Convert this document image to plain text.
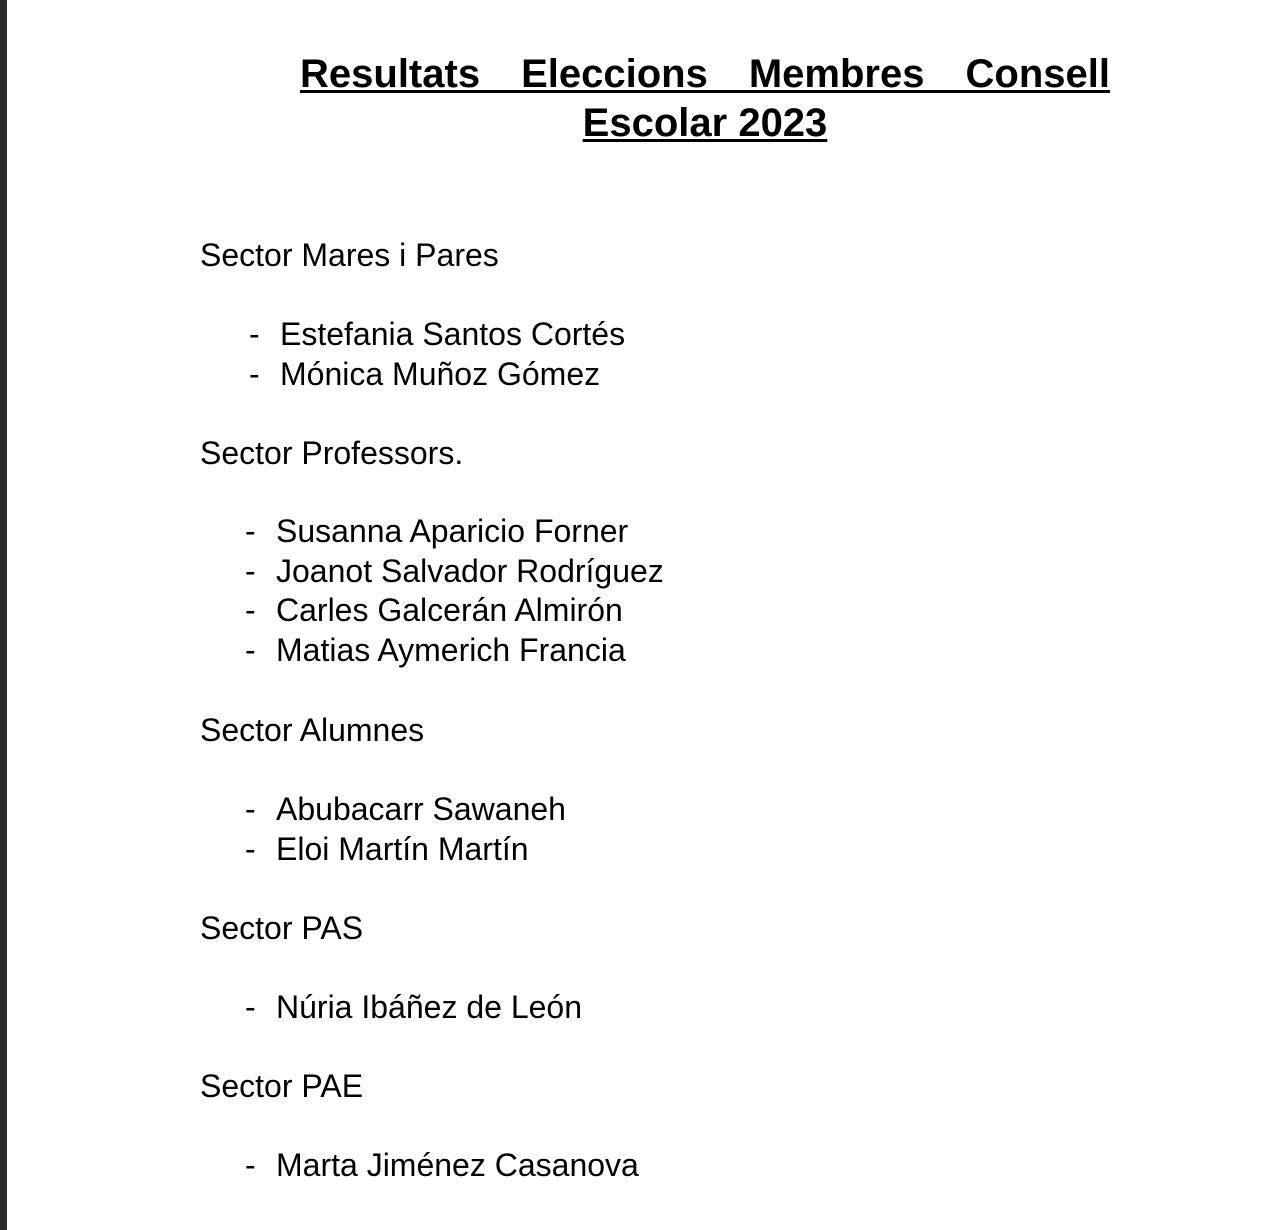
Resultats Eleccions Membres Consell
Escolar 2023
Sector Mares i Pares
- Estefania Santos Cortés
- Mónica Muñoz Gómez
Sector Professors.
- Susanna Aparicio Forner
- Joanot Salvador Rodríguez
- Carles Galcerán Almirón
- Matias Aymerich Francia
Sector Alumnes
- Abubacarr Sawaneh
- Eloi Martín Martín
Sector PAS
- Núria Ibáñez de León
Sector PAE
- Marta Jiménez Casanova
